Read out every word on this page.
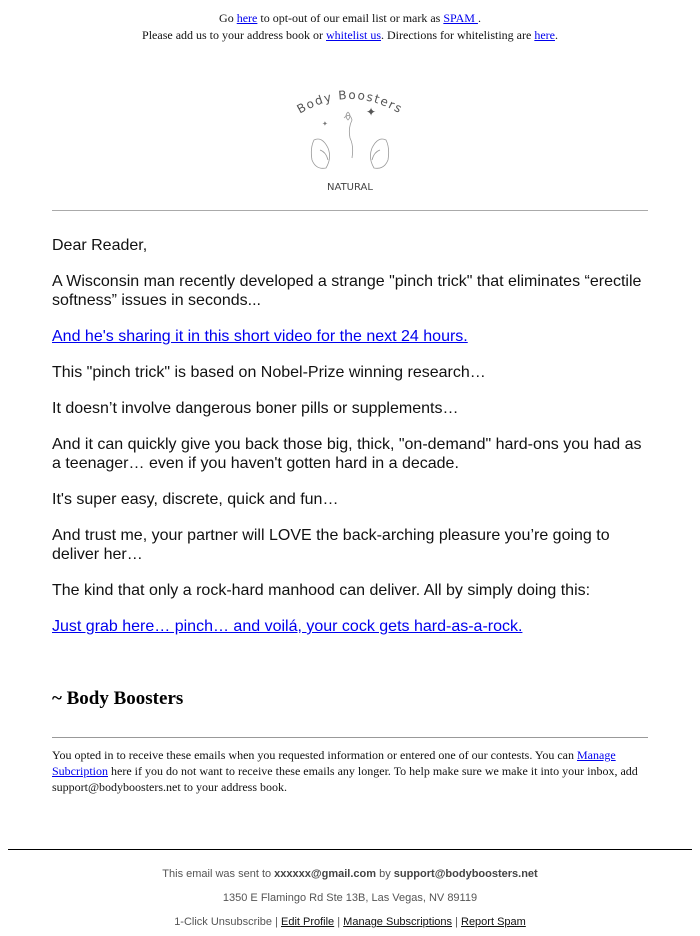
Go here to opt-out of our email list or mark as SPAM .
Please add us to your address book or whitelist us. Directions for whitelisting are here.
Body Boosters
✦
✦
NATURAL

Dear Reader,

A Wisconsin man recently developed a strange "pinch trick" that eliminates “erectile softness” issues in seconds...

And he's sharing it in this short video for the next 24 hours.

This "pinch trick" is based on Nobel-Prize winning research…

It doesn’t involve dangerous boner pills or supplements…

And it can quickly give you back those big, thick, "on-demand" hard-ons you had as a teenager… even if you haven't gotten hard in a decade.

It's super easy, discrete, quick and fun…

And trust me, your partner will LOVE the back-arching pleasure you’re going to deliver her…

The kind that only a rock-hard manhood can deliver. All by simply doing this:

Just grab here… pinch… and voilá, your cock gets hard-as-a-rock.

~ Body Boosters
You opted in to receive these emails when you requested information or entered one of our contests. You can Manage Subcription here if you do not want to receive these emails any longer. To help make sure we make it into your inbox, add support@bodyboosters.net to your address book.
This email was sent to xxxxxx@gmail.com by support@bodyboosters.net
1350 E Flamingo Rd Ste 13B, Las Vegas, NV 89119
1-Click Unsubscribe | Edit Profile | Manage Subscriptions | Report Spam
